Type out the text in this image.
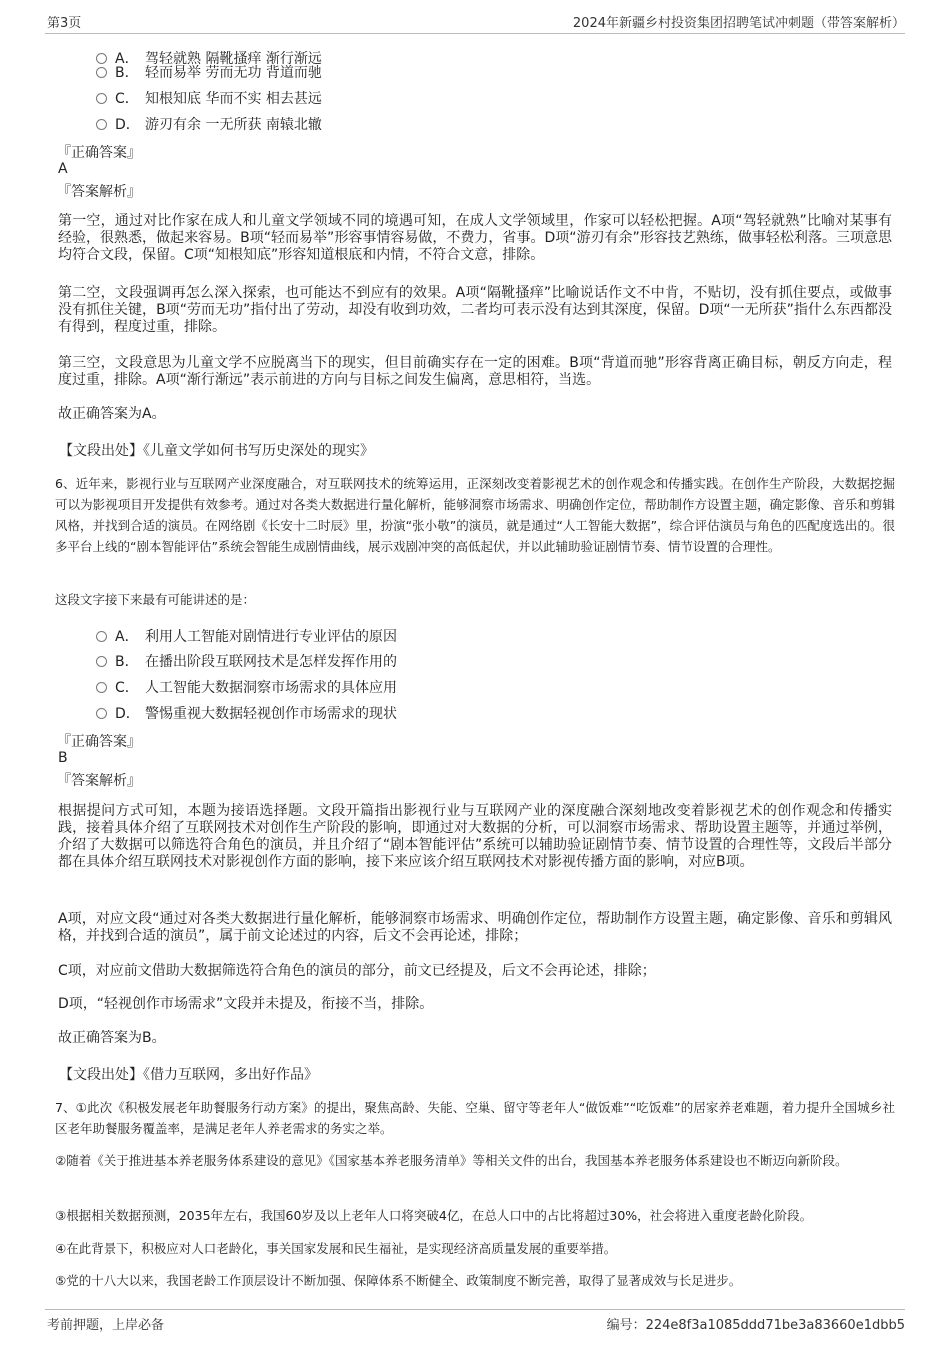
第3页	2024年新疆乡村投资集团招聘笔试冲刺题（带答案解析）
A． 驾轻就熟 隔靴搔痒 渐行渐远
B． 轻而易举 劳而无功 背道而驰
C． 知根知底 华而不实 相去甚远
D． 游刃有余 一无所获 南辕北辙
『正确答案』
A
『答案解析』
第一空，通过对比作家在成人和儿童文学领域不同的境遇可知，在成人文学领域里，作家可以轻松把握。A项“驾轻就熟”比喻对某事有经验，很熟悉，做起来容易。B项“轻而易举”形容事情容易做，不费力，省事。D项“游刃有余”形容技艺熟练，做事轻松利落。三项意思均符合文段，保留。C项“知根知底”形容知道根底和内情，不符合文意，排除。
第二空，文段强调再怎么深入探索，也可能达不到应有的效果。A项“隔靴搔痒”比喻说话作文不中肯，不贴切，没有抓住要点，或做事没有抓住关键，B项“劳而无功”指付出了劳动，却没有收到功效，二者均可表示没有达到其深度，保留。D项“一无所获”指什么东西都没有得到，程度过重，排除。
第三空，文段意思为儿童文学不应脱离当下的现实，但目前确实存在一定的困难。B项“背道而驰”形容背离正确目标，朝反方向走，程度过重，排除。A项“渐行渐远”表示前进的方向与目标之间发生偏离，意思相符，当选。
故正确答案为A。
【文段出处】《儿童文学如何书写历史深处的现实》
6、近年来，影视行业与互联网产业深度融合，对互联网技术的统筹运用，正深刻改变着影视艺术的创作观念和传播实践。在创作生产阶段，大数据挖掘可以为影视项目开发提供有效参考。通过对各类大数据进行量化解析，能够洞察市场需求、明确创作定位，帮助制作方设置主题，确定影像、音乐和剪辑风格，并找到合适的演员。在网络剧《长安十二时辰》里，扮演“张小敬”的演员，就是通过“人工智能大数据”，综合评估演员与角色的匹配度选出的。很多平台上线的“剧本智能评估”系统会智能生成剧情曲线，展示戏剧冲突的高低起伏，并以此辅助验证剧情节奏、情节设置的合理性。
这段文字接下来最有可能讲述的是：
A． 利用人工智能对剧情进行专业评估的原因
B． 在播出阶段互联网技术是怎样发挥作用的
C． 人工智能大数据洞察市场需求的具体应用
D． 警惕重视大数据轻视创作市场需求的现状
『正确答案』
B
『答案解析』
根据提问方式可知，本题为接语选择题。文段开篇指出影视行业与互联网产业的深度融合深刻地改变着影视艺术的创作观念和传播实践，接着具体介绍了互联网技术对创作生产阶段的影响，即通过对大数据的分析，可以洞察市场需求、帮助设置主题等，并通过举例，介绍了大数据可以筛选符合角色的演员，并且介绍了“剧本智能评估”系统可以辅助验证剧情节奏、情节设置的合理性等，文段后半部分都在具体介绍互联网技术对影视创作方面的影响，接下来应该介绍互联网技术对影视传播方面的影响，对应B项。
A项，对应文段“通过对各类大数据进行量化解析，能够洞察市场需求、明确创作定位，帮助制作方设置主题，确定影像、音乐和剪辑风格，并找到合适的演员”，属于前文论述过的内容，后文不会再论述，排除；
C项，对应前文借助大数据筛选符合角色的演员的部分，前文已经提及，后文不会再论述，排除；
D项，“轻视创作市场需求”文段并未提及，衔接不当，排除。
故正确答案为B。
【文段出处】《借力互联网，多出好作品》
7、①此次《积极发展老年助餐服务行动方案》的提出，聚焦高龄、失能、空巢、留守等老年人“做饭难”“吃饭难”的居家养老难题，着力提升全国城乡社区老年助餐服务覆盖率，是满足老年人养老需求的务实之举。
②随着《关于推进基本养老服务体系建设的意见》《国家基本养老服务清单》等相关文件的出台，我国基本养老服务体系建设也不断迈向新阶段。
③根据相关数据预测，2035年左右，我国60岁及以上老年人口将突破4亿，在总人口中的占比将超过30%，社会将进入重度老龄化阶段。
④在此背景下，积极应对人口老龄化，事关国家发展和民生福祉，是实现经济高质量发展的重要举措。
⑤党的十八大以来，我国老龄工作顶层设计不断加强、保障体系不断健全、政策制度不断完善，取得了显著成效与长足进步。
考前押题，上岸必备	编号：224e8f3a1085ddd71be3a83660e1dbb5
